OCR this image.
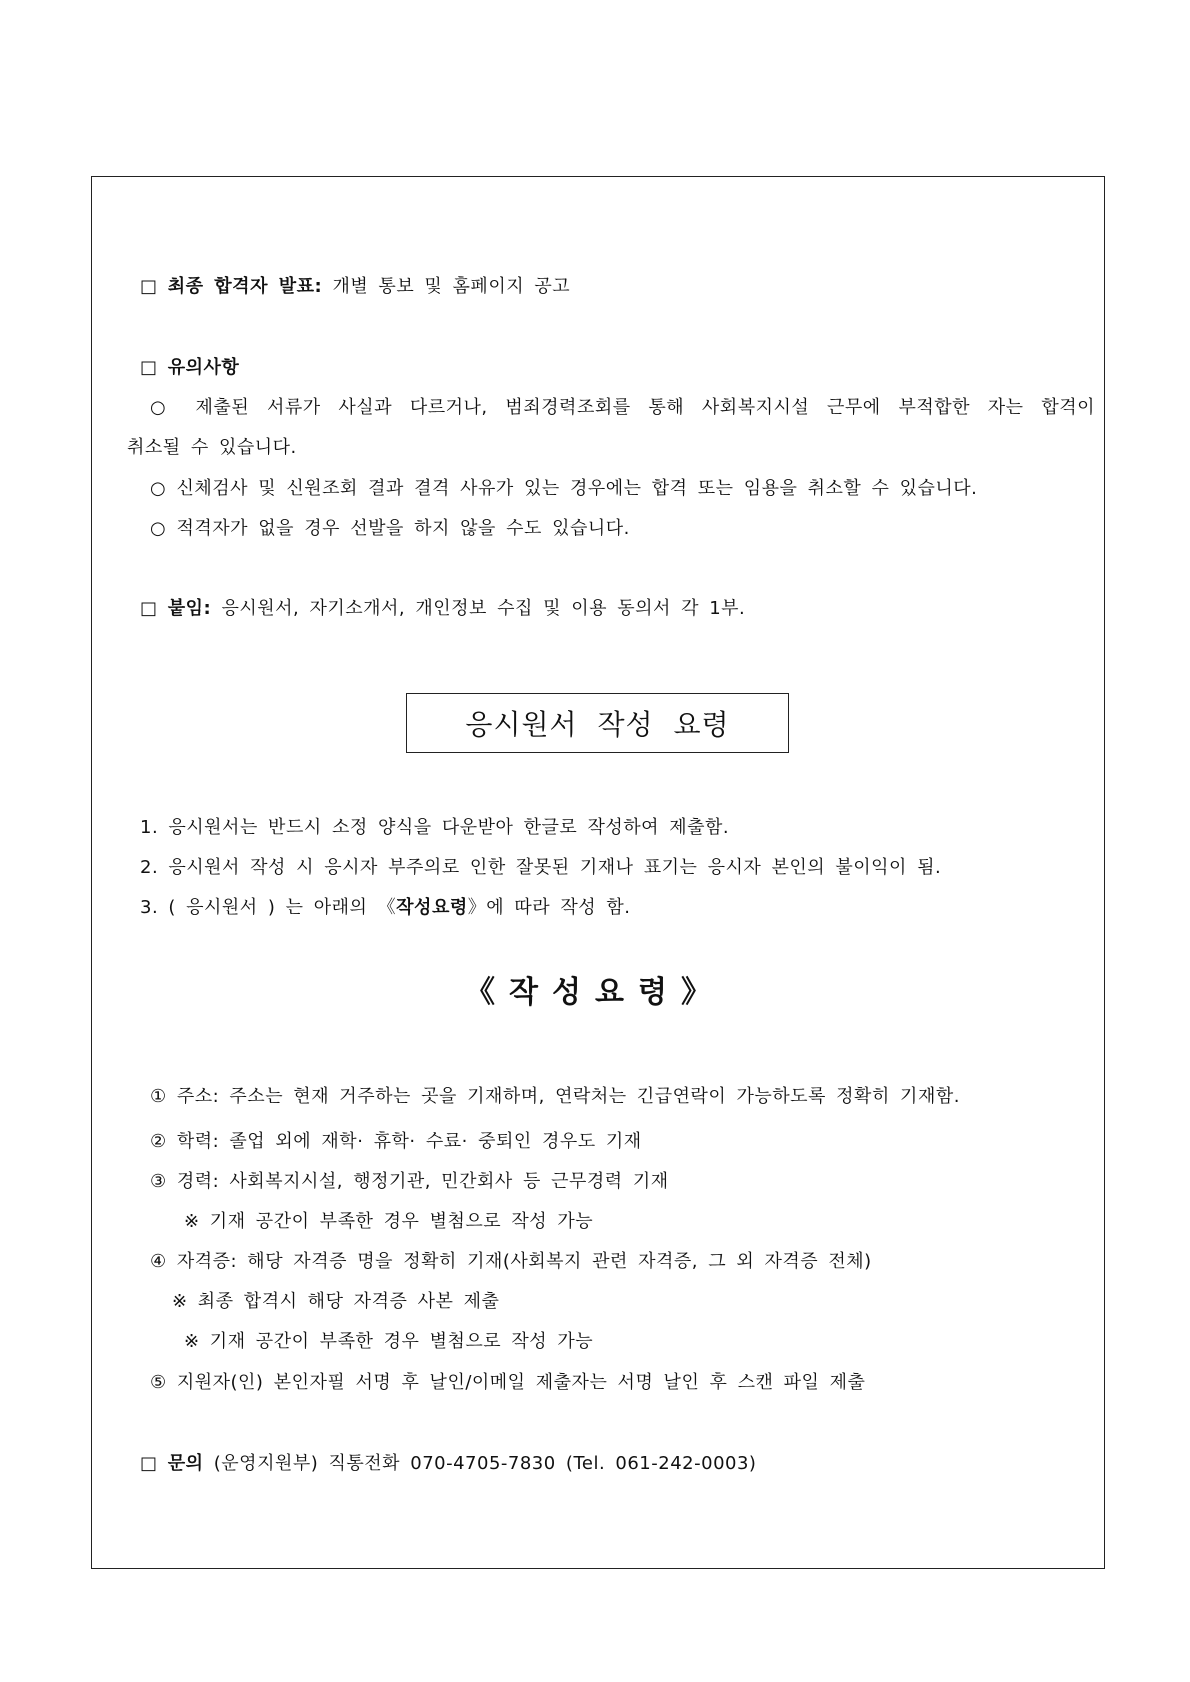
□ 최종 합격자 발표: 개별 통보 및 홈페이지 공고
□ 유의사항
○ 제출된 서류가 사실과 다르거나, 범죄경력조회를 통해 사회복지시설 근무에 부적합한 자는 합격이
취소될 수 있습니다.
○ 신체검사 및 신원조회 결과 결격 사유가 있는 경우에는 합격 또는 임용을 취소할 수 있습니다.
○ 적격자가 없을 경우 선발을 하지 않을 수도 있습니다.
□ 붙임: 응시원서, 자기소개서, 개인정보 수집 및 이용 동의서 각 1부.
응시원서 작성 요령
1. 응시원서는 반드시 소정 양식을 다운받아 한글로 작성하여 제출함.
2. 응시원서 작성 시 응시자 부주의로 인한 잘못된 기재나 표기는 응시자 본인의 불이익이 됨.
3. ( 응시원서 ) 는 아래의 《작성요령》에 따라 작성 함.
《작성요령》
① 주소: 주소는 현재 거주하는 곳을 기재하며, 연락처는 긴급연락이 가능하도록 정확히 기재함.
② 학력: 졸업 외에 재학· 휴학· 수료· 중퇴인 경우도 기재
③ 경력: 사회복지시설, 행정기관, 민간회사 등 근무경력 기재
※ 기재 공간이 부족한 경우 별첨으로 작성 가능
④ 자격증: 해당 자격증 명을 정확히 기재(사회복지 관련 자격증, 그 외 자격증 전체)
※ 최종 합격시 해당 자격증 사본 제출
※ 기재 공간이 부족한 경우 별첨으로 작성 가능
⑤ 지원자(인) 본인자필 서명 후 날인/이메일 제출자는 서명 날인 후 스캔 파일 제출
□ 문의 (운영지원부) 직통전화 070-4705-7830 (Tel. 061-242-0003)
